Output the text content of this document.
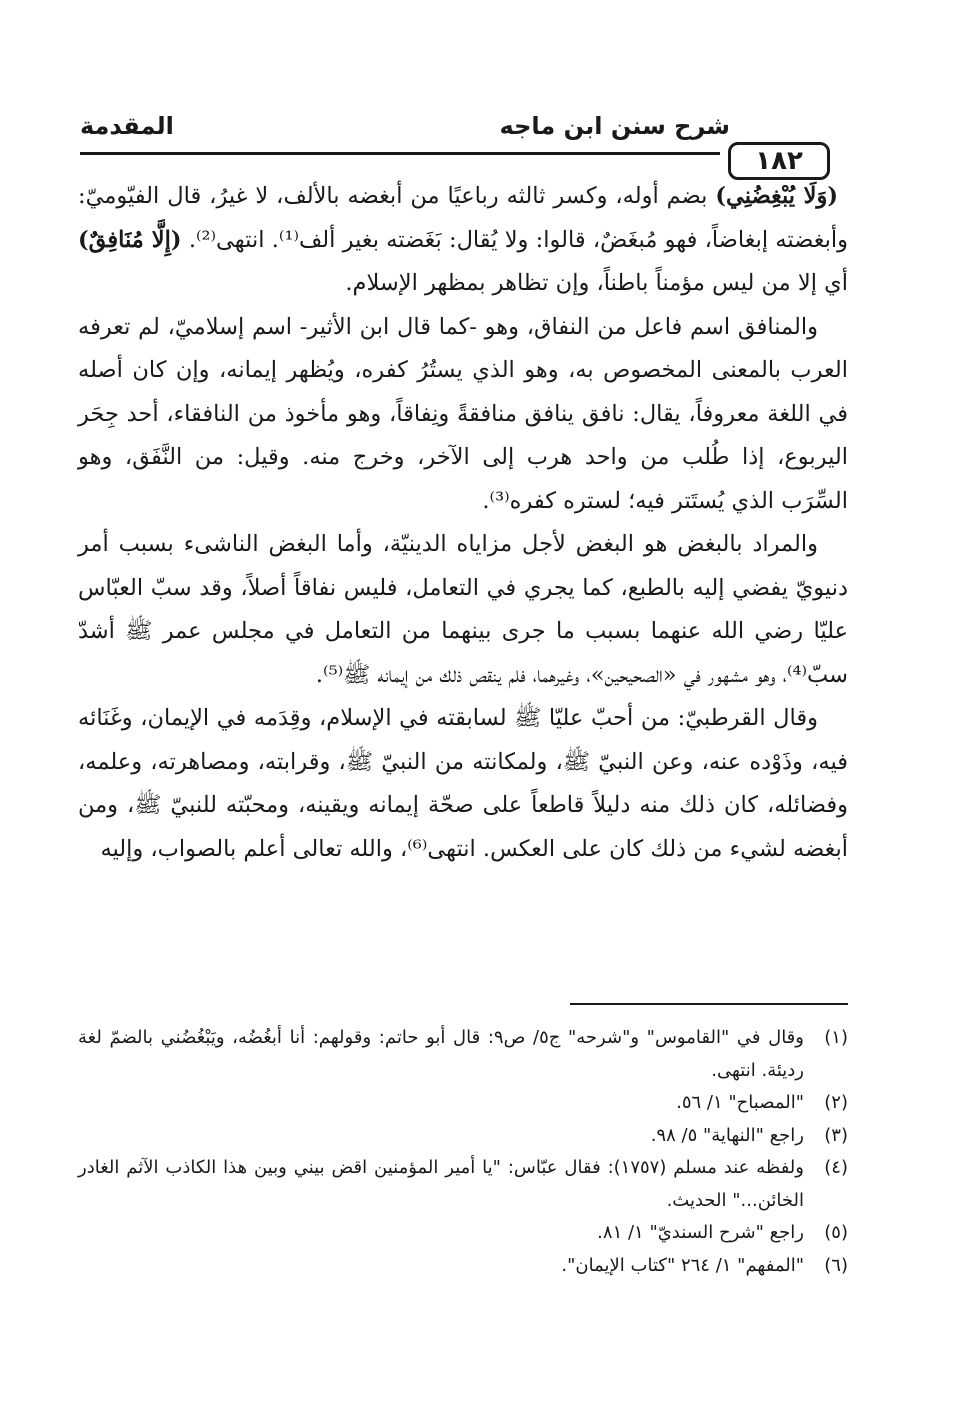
شرح سنن ابن ماجه
المقدمة
١٨٢

(وَلَا يُبْغِضُنِي) بضم أوله، وكسر ثالثه رباعيًا من أبغضه بالألف، لا غيرُ، قال الفيّوميّ: وأبغضته إبغاضاً، فهو مُبغَضٌ، قالوا: ولا يُقال: بَغَضته بغير ألف⁽¹⁾. انتهى⁽²⁾. (إِلَّا مُنَافِقٌ) أي إلا من ليس مؤمناً باطناً، وإن تظاهر بمظهر الإسلام.

والمنافق اسم فاعل من النفاق، وهو -كما قال ابن الأثير- اسم إسلاميّ، لم تعرفه العرب بالمعنى المخصوص به، وهو الذي يستُرُ كفره، ويُظهر إيمانه، وإن كان أصله في اللغة معروفاً، يقال: نافق ينافق منافقةً ونِفاقاً، وهو مأخوذ من النافقاء، أحد جِحَر اليربوع، إذا طُلب من واحد هرب إلى الآخر، وخرج منه. وقيل: من النَّفَق، وهو السِّرَب الذي يُستَتر فيه؛ لستره كفره⁽³⁾.

والمراد بالبغض هو البغض لأجل مزاياه الدينيّة، وأما البغض الناشىء بسبب أمر دنيويّ يفضي إليه بالطبع، كما يجري في التعامل، فليس نفاقاً أصلاً، وقد سبّ العبّاس عليّا رضي الله عنهما بسبب ما جرى بينهما من التعامل في مجلس عمر ﷺ أشدّ سبّ⁽⁴⁾، وهو مشهور في «الصحيحين»، وغيرهما، فلم ينقص ذلك من إيمانه ﷺ⁽⁵⁾.

وقال القرطبيّ: من أحبّ عليّا ﷺ لسابقته في الإسلام، وقِدَمه في الإيمان، وغَنَائه فيه، وذَوْده عنه، وعن النبيّ ﷺ، ولمكانته من النبيّ ﷺ، وقرابته، ومصاهرته، وعلمه، وفضائله، كان ذلك منه دليلاً قاطعاً على صحّة إيمانه ويقينه، ومحبّته للنبيّ ﷺ، ومن أبغضه لشيء من ذلك كان على العكس. انتهى⁽⁶⁾، والله تعالى أعلم بالصواب، وإليه

(١)
وقال في "القاموس" و"شرحه" ج٥/ ص٩: قال أبو حاتم: وقولهم: أنا أبغُضُه، ويَبْغُضُني بالضمّ لغة رديئة. انتهى.
(٢)
"المصباح" ١/ ٥٦.
(٣)
راجع "النهاية" ٥/ ٩٨.
(٤)
ولفظه عند مسلم (١٧٥٧): فقال عبّاس: "يا أمير المؤمنين اقض بيني وبين هذا الكاذب الآثم الغادر الخائن..." الحديث.
(٥)
راجع "شرح السنديّ" ١/ ٨١.
(٦)
"المفهم" ١/ ٢٦٤ "كتاب الإيمان".
